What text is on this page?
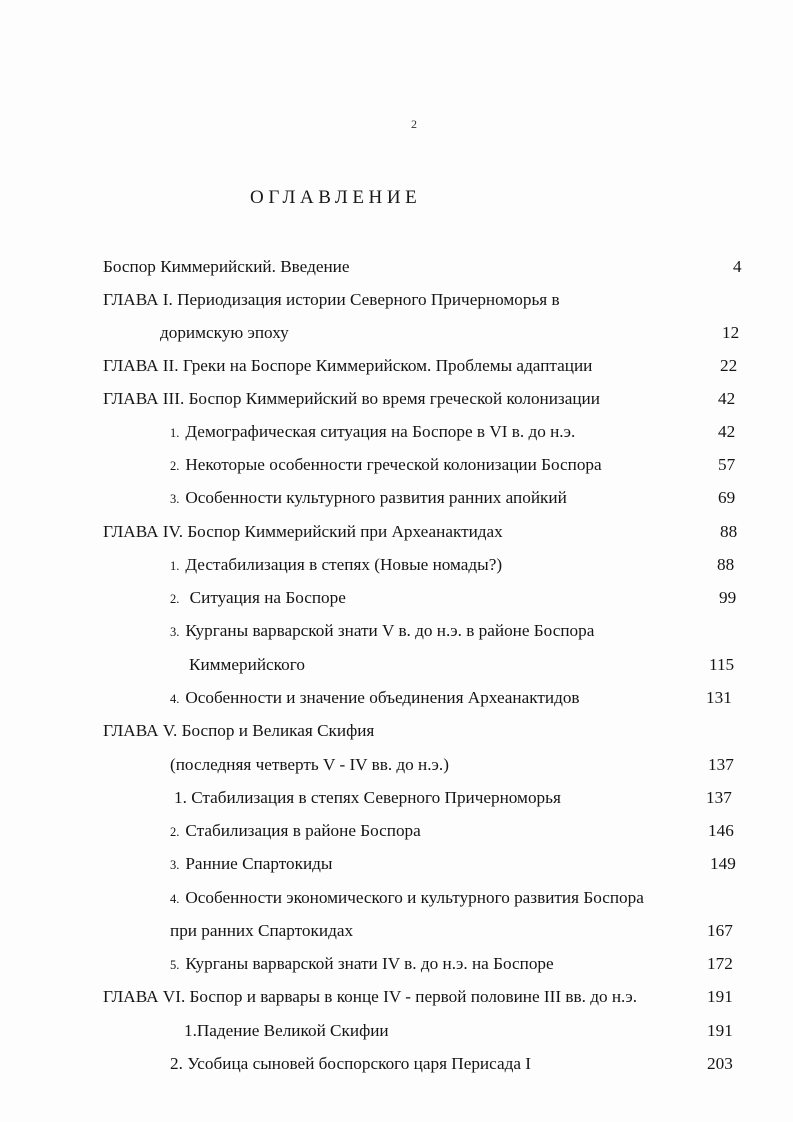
2
ОГЛАВЛЕНИЕ
Боспор Киммерийский. Введение	4
ГЛАВА I. Периодизация истории Северного Причерноморья в
доримскую эпоху	12
ГЛАВА II. Греки на Боспоре Киммерийском. Проблемы адаптации	22
ГЛАВА III. Боспор Киммерийский во время греческой колонизации	42
1. Демографическая ситуация на Боспоре в VI в. до н.э.	42
2. Некоторые особенности греческой колонизации Боспора	57
3. Особенности культурного развития ранних апойкий	69
ГЛАВА IV. Боспор Киммерийский при Археанактидах	88
1. Дестабилизация в степях (Новые номады?)	88
2. Ситуация на Боспоре	99
3. Курганы варварской знати V в. до н.э. в районе Боспора
Киммерийского	115
4. Особенности и значение объединения Археанактидов	131
ГЛАВА V. Боспор и Великая Скифия
(последняя четверть V - IV вв. до н.э.)	137
1. Стабилизация в степях Северного Причерноморья	137
2. Стабилизация в районе Боспора	146
3. Ранние Спартокиды	149
4. Особенности экономического и культурного развития Боспора
при ранних Спартокидах	167
5. Курганы варварской знати IV в. до н.э. на Боспоре	172
ГЛАВА VI. Боспор и варвары в конце IV - первой половине III вв. до н.э.	191
1.Падение Великой Скифии	191
2. Усобица сыновей боспорского царя Перисада I	203
